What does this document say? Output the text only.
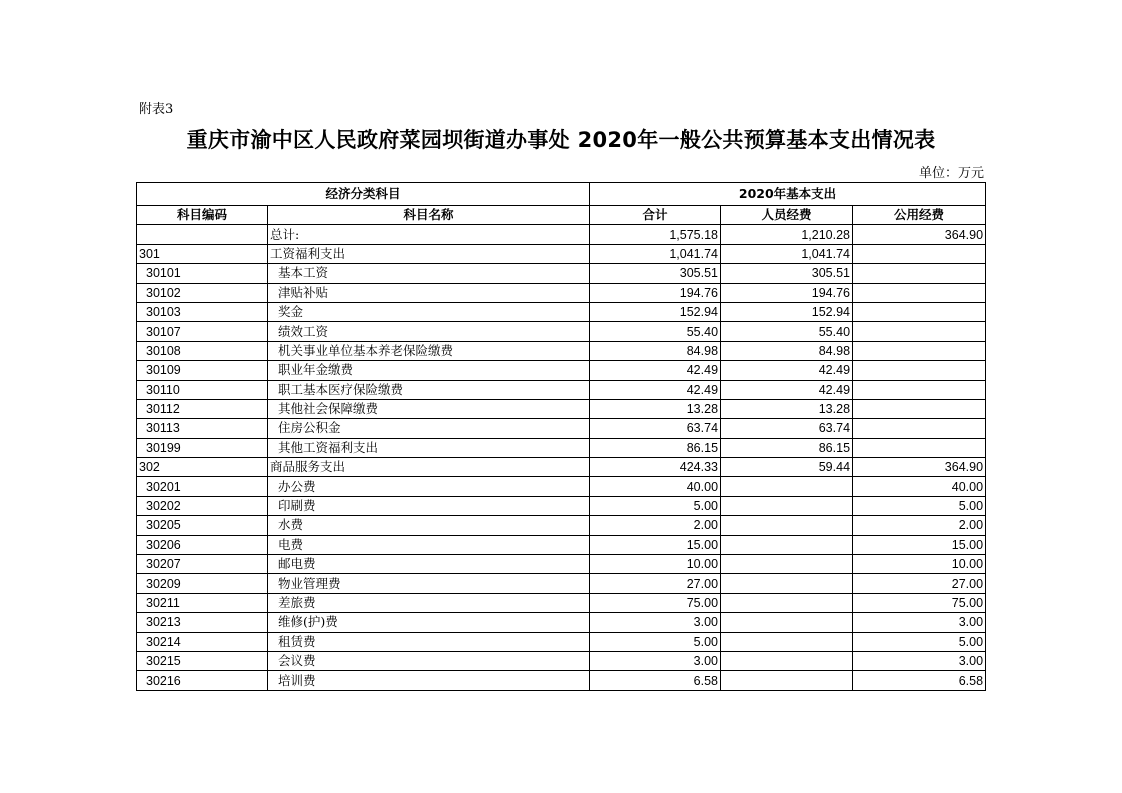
附表3
重庆市渝中区人民政府菜园坝街道办事处 2020年一般公共预算基本支出情况表
单位：万元
经济分类科目		2020年基本支出		
科目编码	科目名称	合计	人员经费	公用经费
	总计:	1,575.18	1,210.28	364.90
301	工资福利支出	1,041.74	1,041.74	
30101	基本工资	305.51	305.51	
30102	津贴补贴	194.76	194.76	
30103	奖金	152.94	152.94	
30107	绩效工资	55.40	55.40	
30108	机关事业单位基本养老保险缴费	84.98	84.98	
30109	职业年金缴费	42.49	42.49	
30110	职工基本医疗保险缴费	42.49	42.49	
30112	其他社会保障缴费	13.28	13.28	
30113	住房公积金	63.74	63.74	
30199	其他工资福利支出	86.15	86.15	
302	商品服务支出	424.33	59.44	364.90
30201	办公费	40.00		40.00
30202	印刷费	5.00		5.00
30205	水费	2.00		2.00
30206	电费	15.00		15.00
30207	邮电费	10.00		10.00
30209	物业管理费	27.00		27.00
30211	差旅费	75.00		75.00
30213	维修(护)费	3.00		3.00
30214	租赁费	5.00		5.00
30215	会议费	3.00		3.00
30216	培训费	6.58		6.58
